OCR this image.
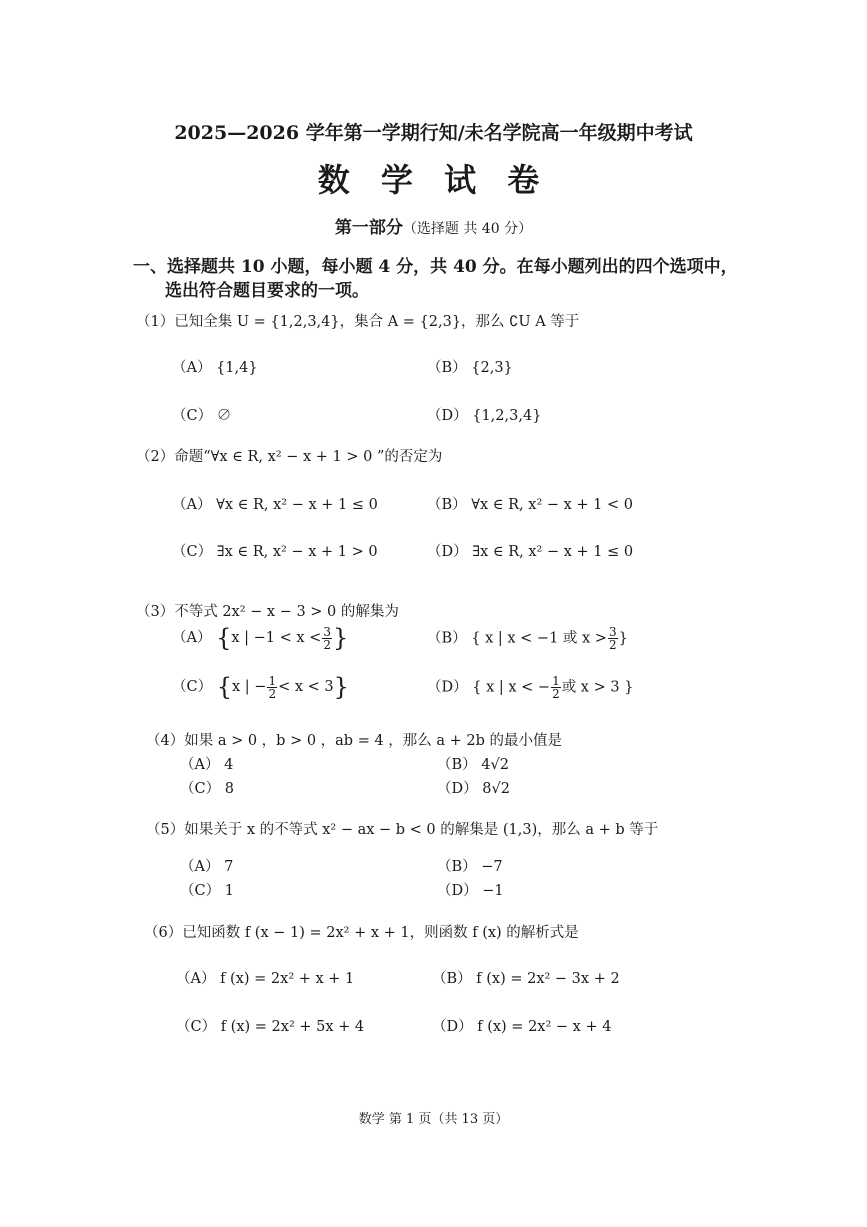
2025—2026 学年第一学期行知/未名学院高一年级期中考试
数 学 试 卷
第一部分（选择题 共 40 分）
一、选择题共 10 小题，每小题 4 分，共 40 分。在每小题列出的四个选项中，
选出符合题目要求的一项。
（1）已知全集 U = {1,2,3,4}，集合 A = {2,3}，那么 ∁U A 等于
（A） {1,4}	（B） {2,3}
（C） ∅	（D） {1,2,3,4}
（2）命题“∀x ∈ R, x² − x + 1 > 0 ”的否定为
（A） ∀x ∈ R, x² − x + 1 ≤ 0	（B） ∀x ∈ R, x² − x + 1 < 0
（C） ∃x ∈ R, x² − x + 1 > 0	（D） ∃x ∈ R, x² − x + 1 ≤ 0
（3）不等式 2x² − x − 3 > 0 的解集为
（A） {x | $-1 < x < \frac{3}{2}$ }	（B） { x | x < −1 或 $x > \frac{3}{2}$ }
（C） {x | − $\frac{1}{2} < x < 3$}	（D） { x | x < − $\frac{1}{2}$ 或 x > 3 }
（4）如果 a > 0 ，b > 0 ，ab = 4 ，那么 a + 2b 的最小值是
（A） 4	（B） 4√2
（C） 8	（D） 8√2
（5）如果关于 x 的不等式 x² − ax − b < 0 的解集是 (1,3)，那么 a + b 等于
（A） 7	（B） −7
（C） 1	（D） −1
（6）已知函数 f (x − 1) = 2x² + x + 1，则函数 f (x) 的解析式是
（A） f (x) = 2x² + x + 1	（B） f (x) = 2x² − 3x + 2
（C） f (x) = 2x² + 5x + 4	（D） f (x) = 2x² − x + 4
数学 第 1 页（共 13 页）
